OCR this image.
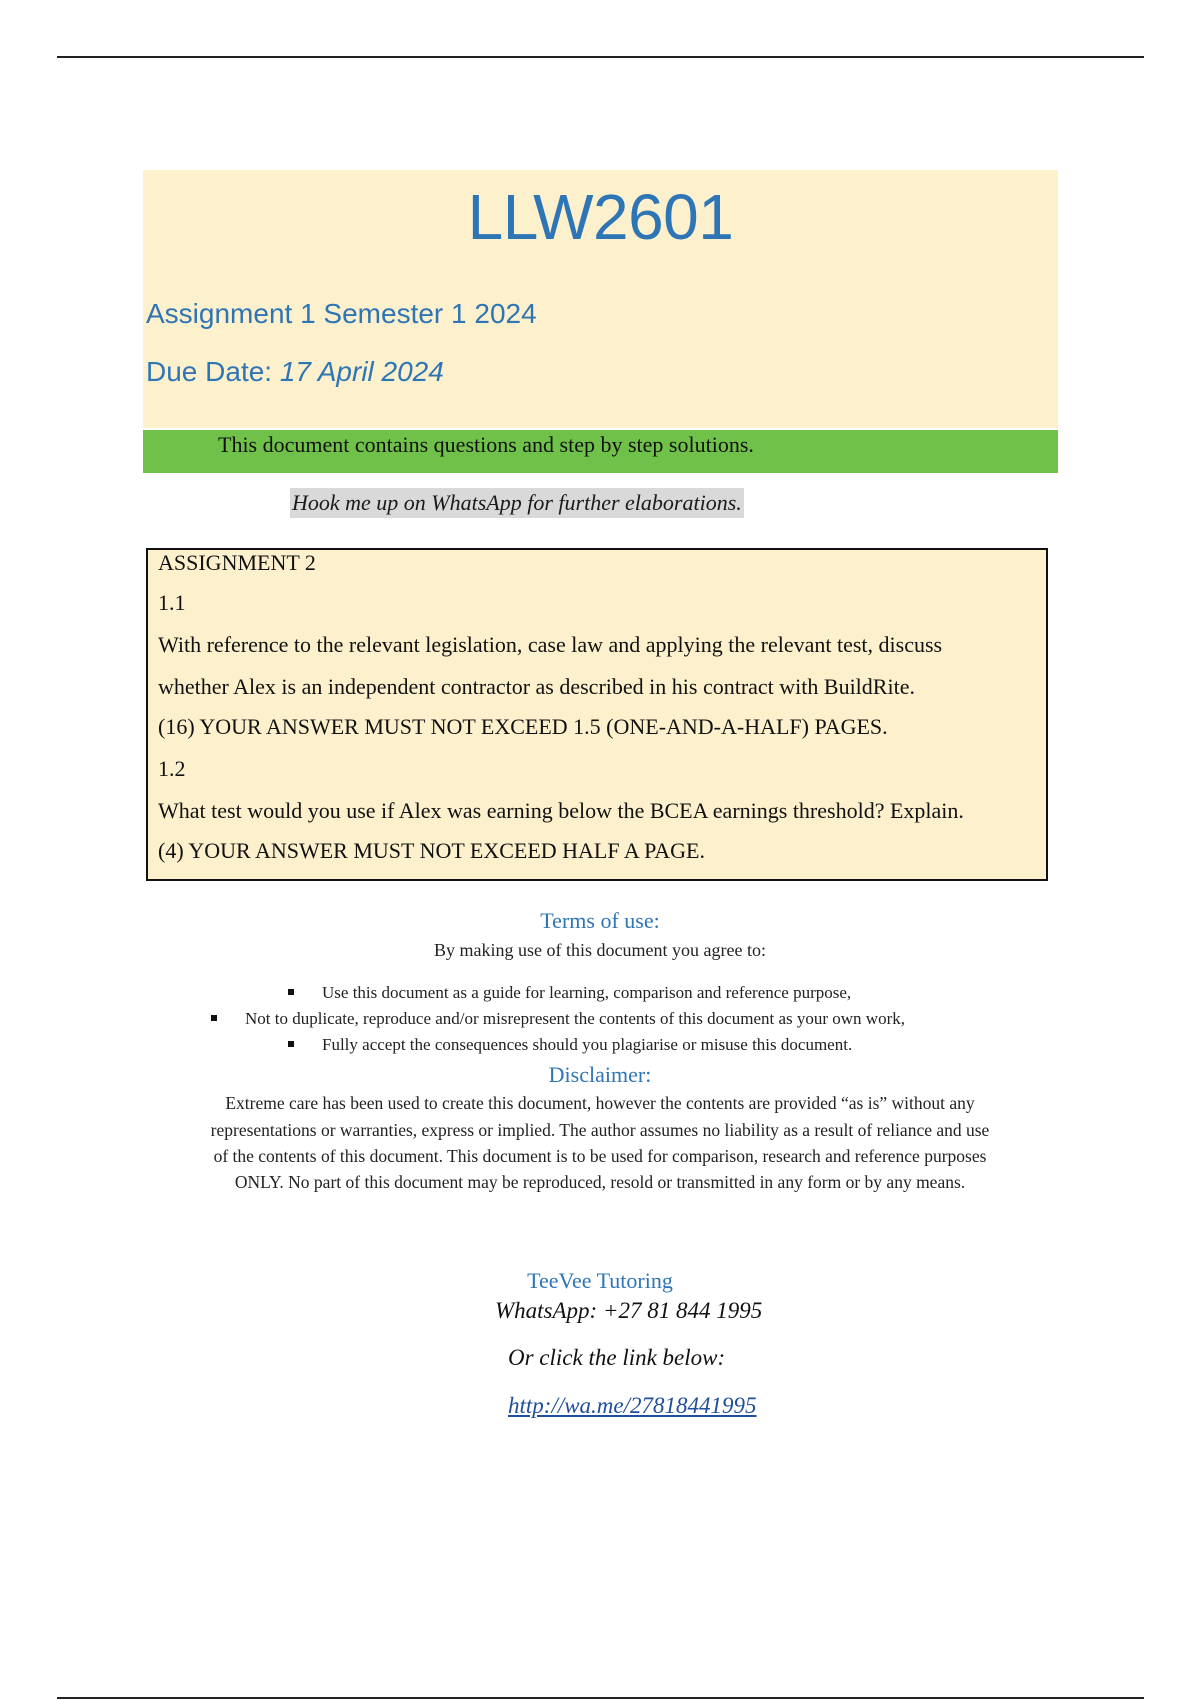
LLW2601
Assignment 1 Semester 1 2024
Due Date: 17 April 2024
This document contains questions and step by step solutions.
Hook me up on WhatsApp for further elaborations.
ASSIGNMENT 2
1.1
With reference to the relevant legislation, case law and applying the relevant test, discuss
whether Alex is an independent contractor as described in his contract with BuildRite.
(16) YOUR ANSWER MUST NOT EXCEED 1.5 (ONE-AND-A-HALF) PAGES.
1.2
What test would you use if Alex was earning below the BCEA earnings threshold? Explain.
(4) YOUR ANSWER MUST NOT EXCEED HALF A PAGE.
Terms of use:
By making use of this document you agree to:
Use this document as a guide for learning, comparison and reference purpose,
Not to duplicate, reproduce and/or misrepresent the contents of this document as your own work,
Fully accept the consequences should you plagiarise or misuse this document.
Disclaimer:
Extreme care has been used to create this document, however the contents are provided “as is” without any
representations or warranties, express or implied. The author assumes no liability as a result of reliance and use
of the contents of this document. This document is to be used for comparison, research and reference purposes
ONLY. No part of this document may be reproduced, resold or transmitted in any form or by any means.
TeeVee Tutoring
WhatsApp: +27 81 844 1995
Or click the link below:
http://wa.me/27818441995
